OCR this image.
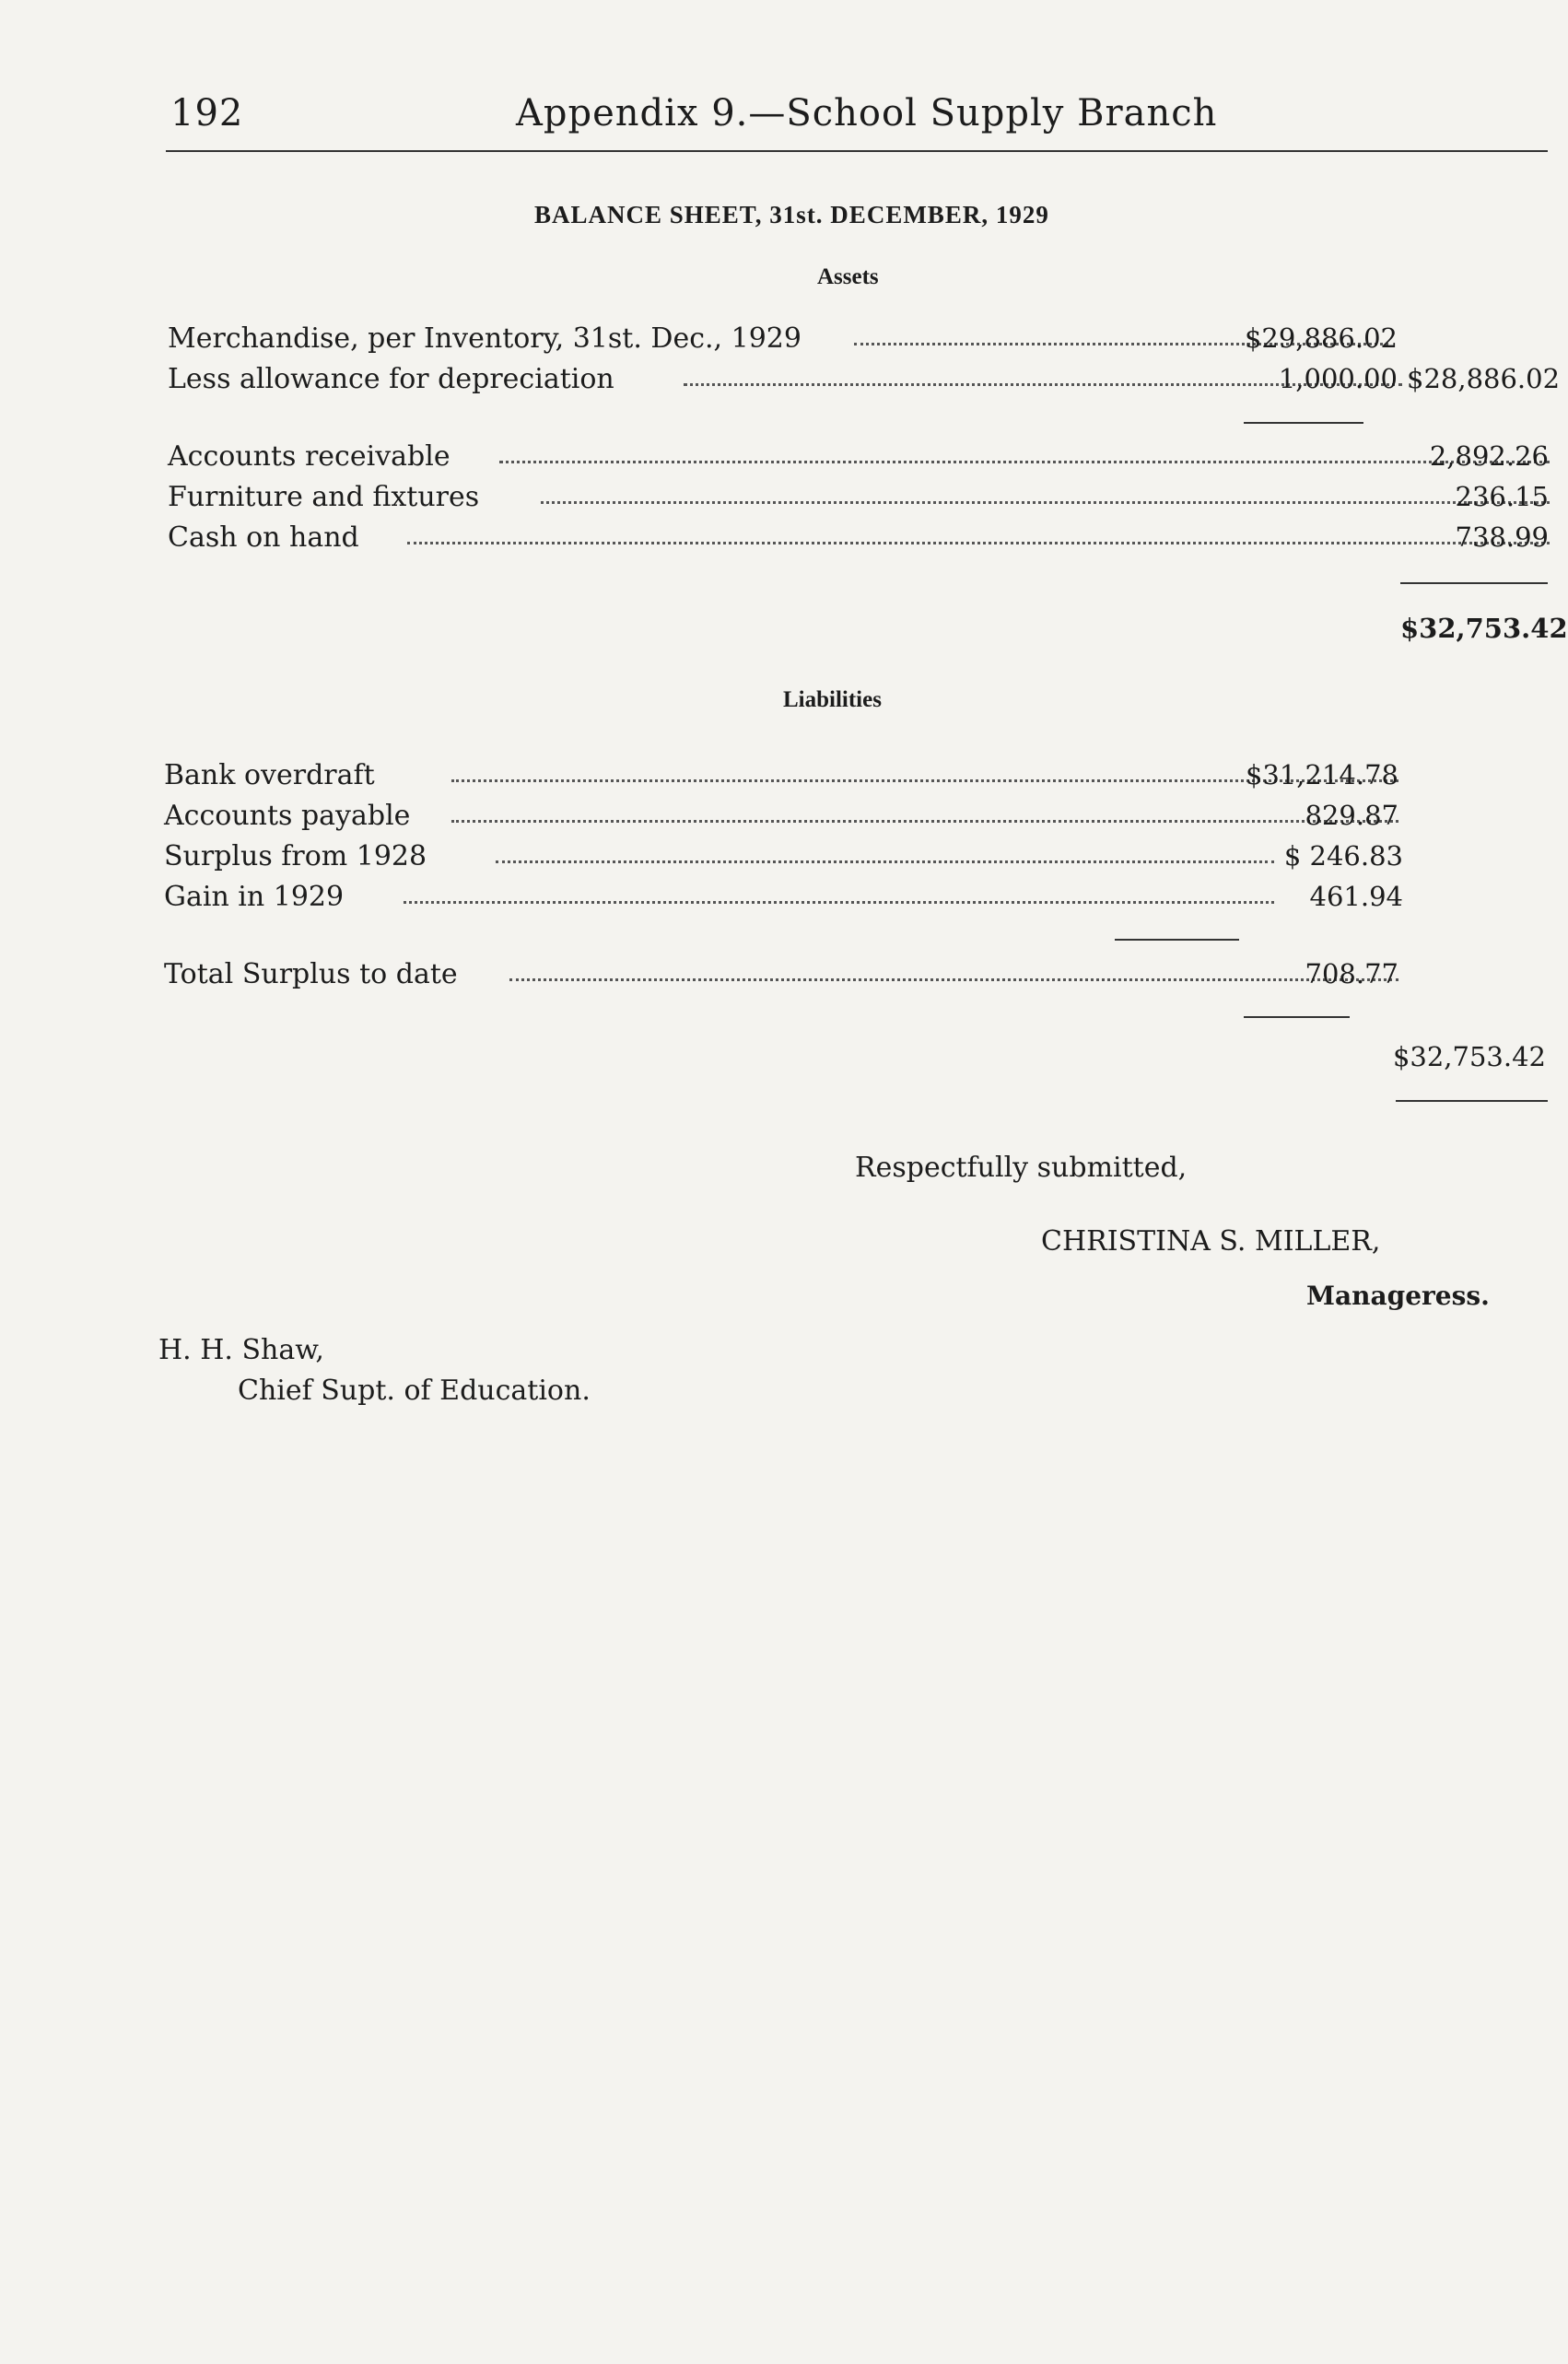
192	Appendix 9.—School Supply Branch
BALANCE SHEET, 31st. DECEMBER, 1929
Assets
Merchandise, per Inventory, 31st. Dec., 1929	$29,886.02
Less allowance for depreciation	1,000.00 $28,886.02
Accounts receivable	2,892.26
Furniture and fixtures	236.15
Cash on hand	738.99
$32,753.42
Liabilities
Bank overdraft	$31,214.78
Accounts payable	829.87
Surplus from 1928	$ 246.83
Gain in 1929	461.94
Total Surplus to date	708.77
$32,753.42
Respectfully submitted,
CHRISTINA S. MILLER,
Manageress.
H. H. Shaw,
Chief Supt. of Education.
